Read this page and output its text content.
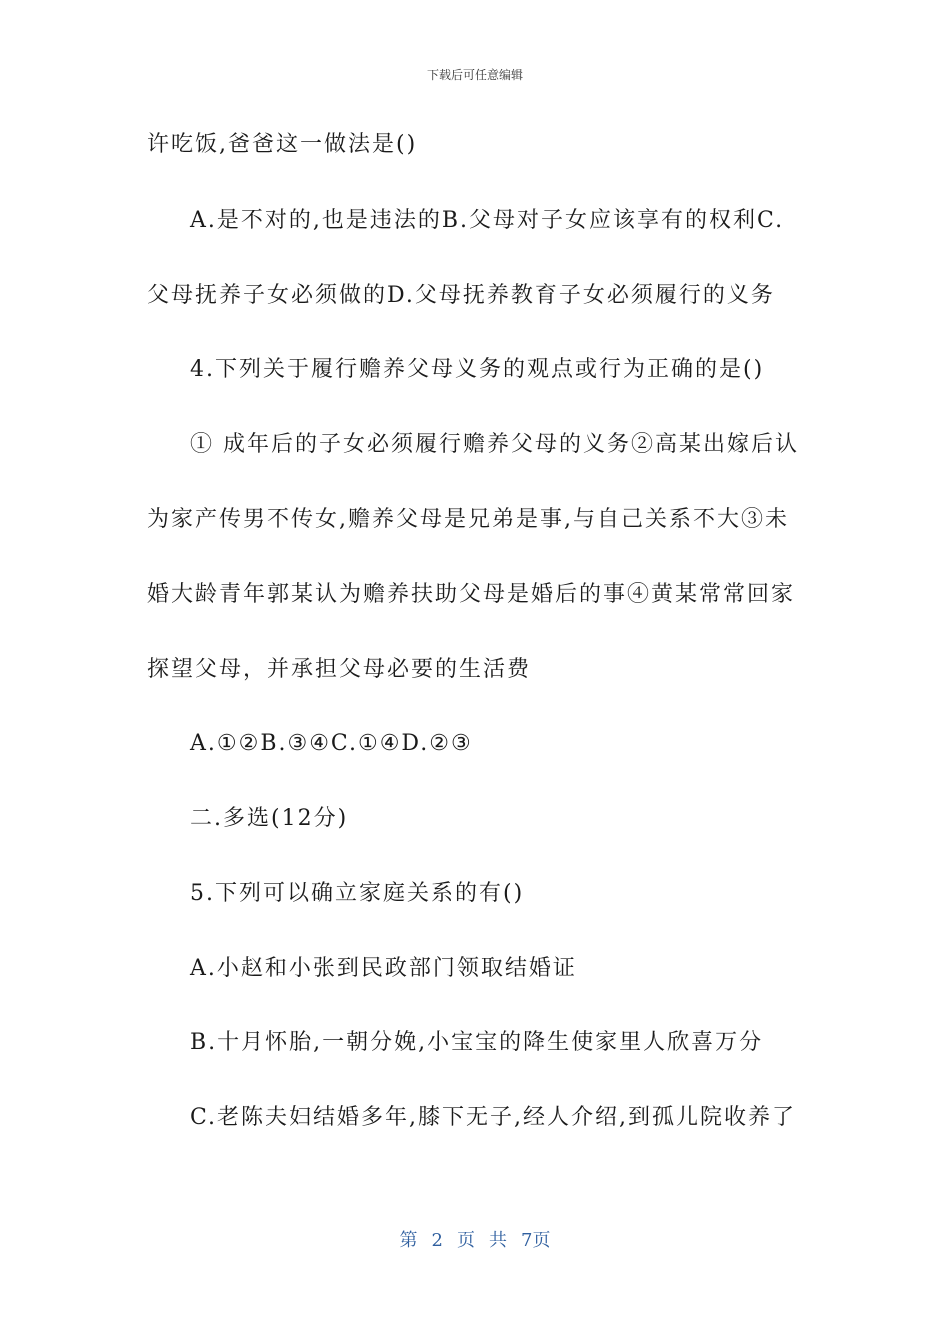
下载后可任意编辑
许吃饭,爸爸这一做法是()
A.是不对的,也是违法的B.父母对子女应该享有的权利C.
父母抚养子女必须做的D.父母抚养教育子女必须履行的义务
4.下列关于履行赡养父母义务的观点或行为正确的是()
① 成年后的子女必须履行赡养父母的义务②高某出嫁后认
为家产传男不传女,赡养父母是兄弟是事,与自己关系不大③未
婚大龄青年郭某认为赡养扶助父母是婚后的事④黄某常常回家
探望父母，并承担父母必要的生活费
A.①②B.③④C.①④D.②③
二.多选(12分)
5.下列可以确立家庭关系的有()
A.小赵和小张到民政部门领取结婚证
B.十月怀胎,一朝分娩,小宝宝的降生使家里人欣喜万分
C.老陈夫妇结婚多年,膝下无子,经人介绍,到孤儿院收养了
第 2 页 共 7页
